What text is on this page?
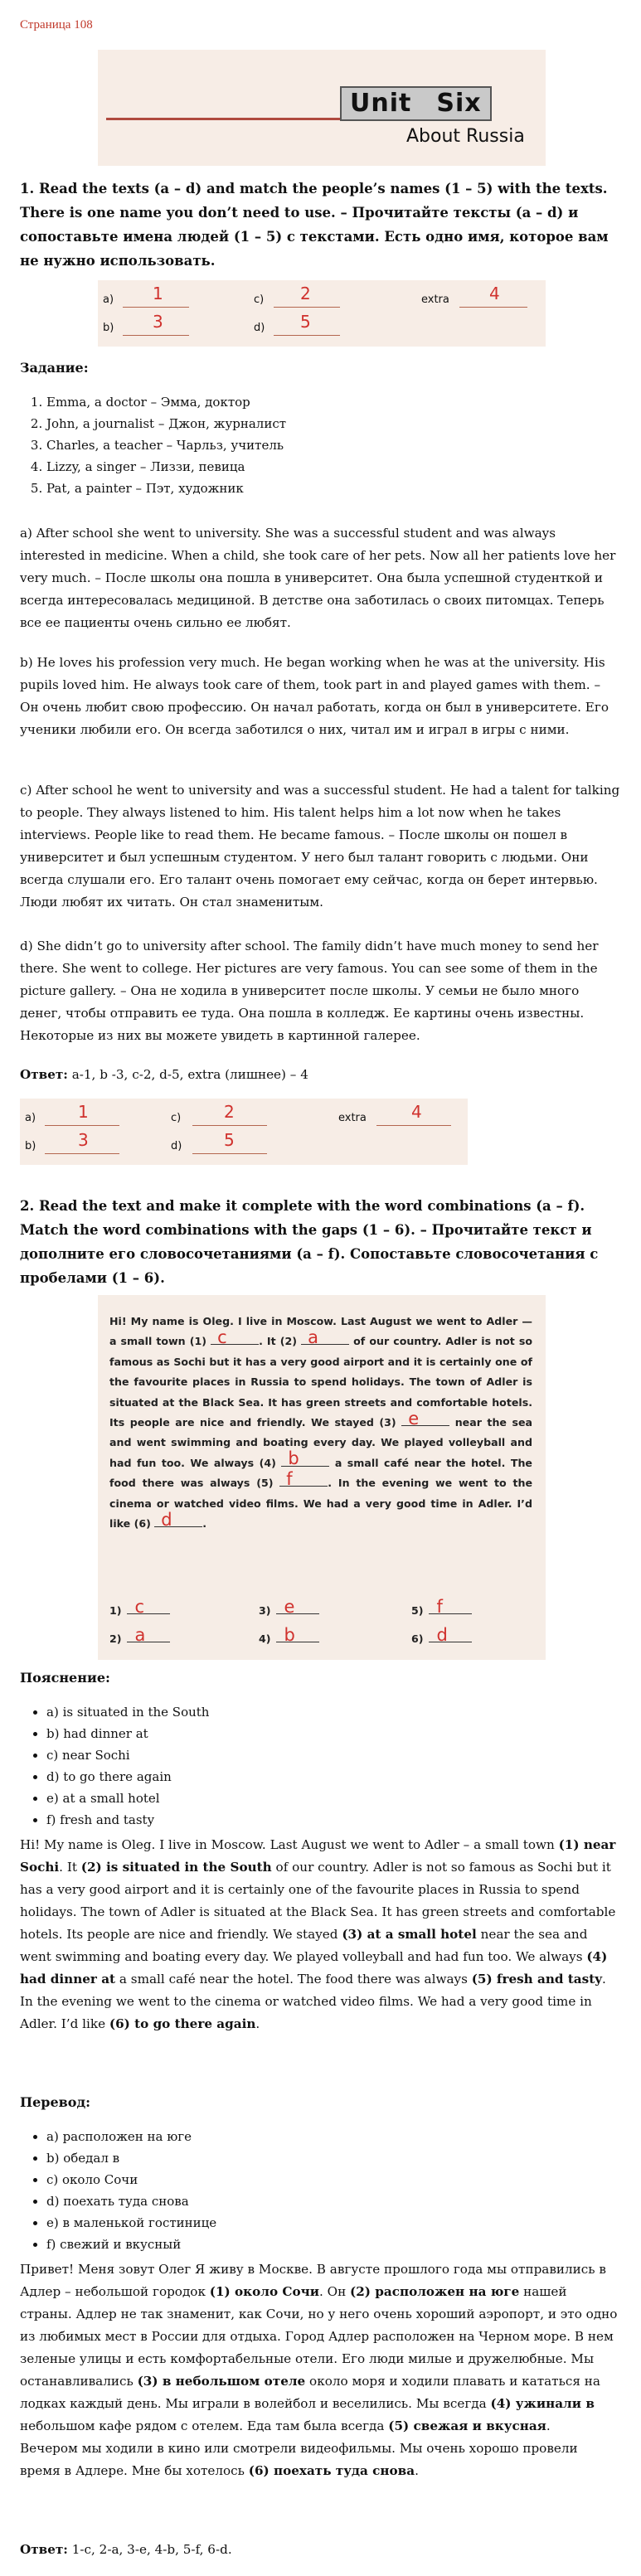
Страница 108
Unit Six
About Russia
1. Read the texts (a – d) and match the people’s names (1 – 5) with the texts. There is one name you don’t need to use. – Прочитайте тексты (a – d) и сопоставьте имена людей (1 – 5) с текстами. Есть одно имя, которое вам не нужно использовать.
a) 1
b) 3
c) 2
d) 5
extra 4
Задание:
1. Emma, a doctor – Эмма, доктор
2. John, a journalist – Джон, журналист
3. Charles, a teacher – Чарльз, учитель
4. Lizzy, a singer – Лиззи, певица
5. Pat, a painter – Пэт, художник

a) After school she went to university. She was a successful student and was always interested in medicine. When a child, she took care of her pets. Now all her patients love her very much. – После школы она пошла в университет. Она была успешной студенткой и всегда интересовалась медициной. В детстве она заботилась о своих питомцах. Теперь все ее пациенты очень сильно ее любят.

b) He loves his profession very much. He began working when he was at the university. His pupils loved him. He always took care of them, took part in and played games with them. – Он очень любит свою профессию. Он начал работать, когда он был в университете. Его ученики любили его. Он всегда заботился о них, читал им и играл в игры с ними.

c) After school he went to university and was a successful student. He had a talent for talking to people. They always listened to him. His talent helps him a lot now when he takes interviews. People like to read them. He became famous. – После школы он пошел в университет и был успешным студентом. У него был талант говорить с людьми. Они всегда слушали его. Его талант очень помогает ему сейчас, когда он берет интервью. Люди любят их читать. Он стал знаменитым.

d) She didn’t go to university after school. The family didn’t have much money to send her there. She went to college. Her pictures are very famous. You can see some of them in the picture gallery. – Она не ходила в университет после школы. У семьи не было много денег, чтобы отправить ее туда. Она пошла в колледж. Ее картины очень известны. Некоторые из них вы можете увидеть в картинной галерее.

Ответ: a-1, b -3, c-2, d-5, extra (лишнее) – 4
a)	1
b)	3
c)	2
d)	5
extra	4
2. Read the text and make it complete with the word combinations (a – f). Match the word combinations with the gaps (1 – 6). – Прочитайте текст и дополните его словосочетаниями (a – f). Сопоставьте словосочетания с пробелами (1 – 6).

Hi! My name is Oleg. I live in Moscow. Last August we went to Adler — a small town (1) c	. It (2) a	of our country. Adler is not so famous as Sochi but it has a very good airport and it is certainly one of the favourite places in Russia to spend holidays. The town of Adler is situated at the Black Sea. It has green streets and comfortable hotels. Its people are nice and friendly. We stayed (3) e	near the sea and went swimming and boating every day. We played volleyball and had fun too. We always (4) b	a small café near the hotel. The food there was always (5) f	. In the evening we went to the cinema or watched video films. We had a very good time in Adler. I’d like (6) d	.

1) c
2) a
3) e
4) b
5) f
6) d
Пояснение:
• a) is situated in the South
• b) had dinner at
• c) near Sochi
• d) to go there again
• e) at a small hotel
• f) fresh and tasty

Hi! My name is Oleg. I live in Moscow. Last August we went to Adler – a small town (1) near Sochi. It (2) is situated in the South of our country. Adler is not so famous as Sochi but it has a very good airport and it is certainly one of the favourite places in Russia to spend holidays. The town of Adler is situated at the Black Sea. It has green streets and comfortable hotels. Its people are nice and friendly. We stayed (3) at a small hotel near the sea and went swimming and boating every day. We played volleyball and had fun too. We always (4) had dinner at a small café near the hotel. The food there was always (5) fresh and tasty.
In the evening we went to the cinema or watched video films. We had a very good time in Adler. I’d like (6) to go there again.

Перевод:
• a) расположен на юге
• b) обедал в
• c) около Сочи
• d) поехать туда снова
• e) в маленькой гостинице
• f) свежий и вкусный

Привет! Меня зовут Олег Я живу в Москве. В августе прошлого года мы отправились в Адлер – небольшой городок (1) около Сочи. Он (2) расположен на юге нашей страны. Адлер не так знаменит, как Сочи, но у него очень хороший аэропорт, и это одно из любимых мест в России для отдыха. Город Адлер расположен на Черном море. В нем зеленые улицы и есть комфортабельные отели. Его люди милые и дружелюбные. Мы останавливались (3) в небольшом отеле около моря и ходили плавать и кататься на лодках каждый день. Мы играли в волейбол и веселились. Мы всегда (4) ужинали в небольшом кафе рядом с отелем. Еда там была всегда (5) свежая и вкусная.
Вечером мы ходили в кино или смотрели видеофильмы. Мы очень хорошо провели время в Адлере. Мне бы хотелось (6) поехать туда снова.

Ответ: 1-c, 2-a, 3-e, 4-b, 5-f, 6-d.
